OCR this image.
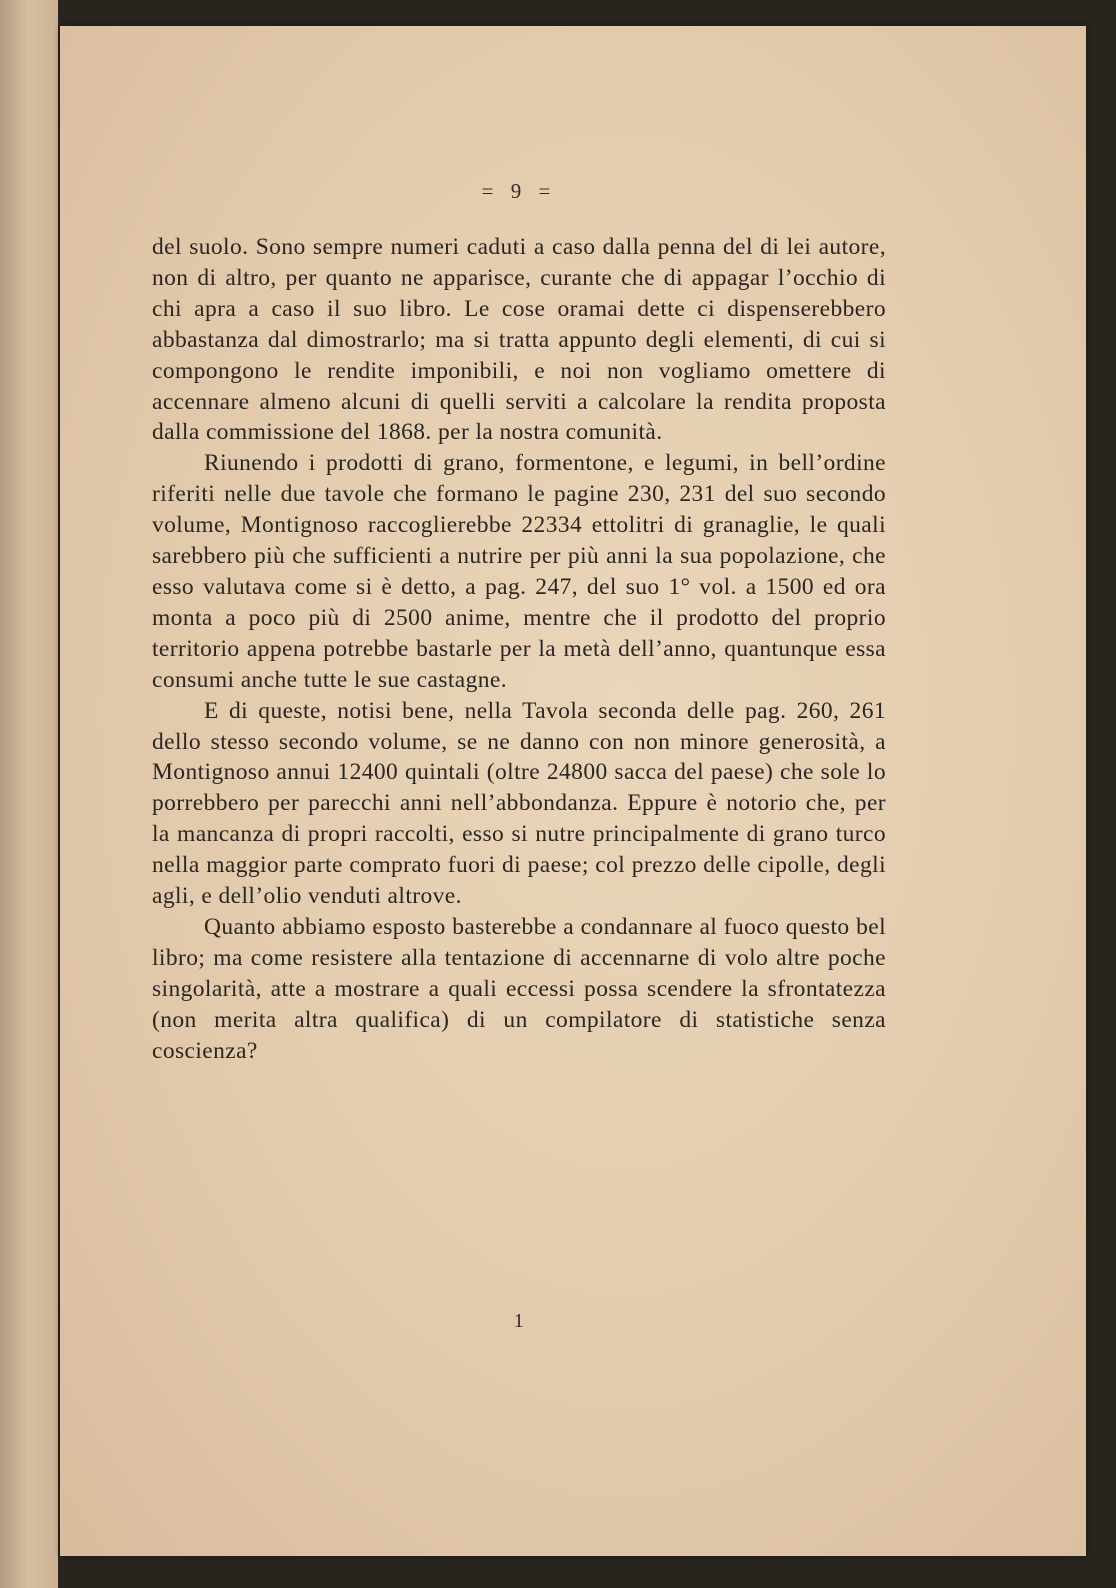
= 9 =

del suolo. Sono sempre numeri caduti a caso dalla penna del di lei autore, non di altro, per quanto ne apparisce, curante che di appagar l’occhio di chi apra a caso il suo libro. Le cose oramai dette ci dispenserebbero abbastanza dal dimostrarlo; ma si tratta appunto degli elementi, di cui si compongono le rendite imponibili, e noi non vogliamo omettere di accennare almeno alcuni di quelli serviti a calcolare la rendita proposta dalla commissione del 1868. per la nostra comunità.

Riunendo i prodotti di grano, formentone, e legumi, in bell’ordine riferiti nelle due tavole che formano le pagine 230, 231 del suo secondo volume, Montignoso raccoglierebbe 22334 ettolitri di granaglie, le quali sarebbero più che sufficienti a nutrire per più anni la sua popolazione, che esso valutava come si è detto, a pag. 247, del suo 1° vol. a 1500 ed ora monta a poco più di 2500 anime, mentre che il prodotto del proprio territorio appena potrebbe bastarle per la metà dell’anno, quantunque essa consumi anche tutte le sue castagne.

E di queste, notisi bene, nella Tavola seconda delle pag. 260, 261 dello stesso secondo volume, se ne danno con non minore generosità, a Montignoso annui 12400 quintali (oltre 24800 sacca del paese) che sole lo porrebbero per parecchi anni nell’abbondanza. Eppure è notorio che, per la mancanza di propri raccolti, esso si nutre principalmente di grano turco nella maggior parte comprato fuori di paese; col prezzo delle cipolle, degli agli, e dell’olio venduti altrove.

Quanto abbiamo esposto basterebbe a condannare al fuoco questo bel libro; ma come resistere alla tentazione di accennarne di volo altre poche singolarità, atte a mostrare a quali eccessi possa scendere la sfrontatezza (non merita altra qualifica) di un compilatore di statistiche senza coscienza?

1
